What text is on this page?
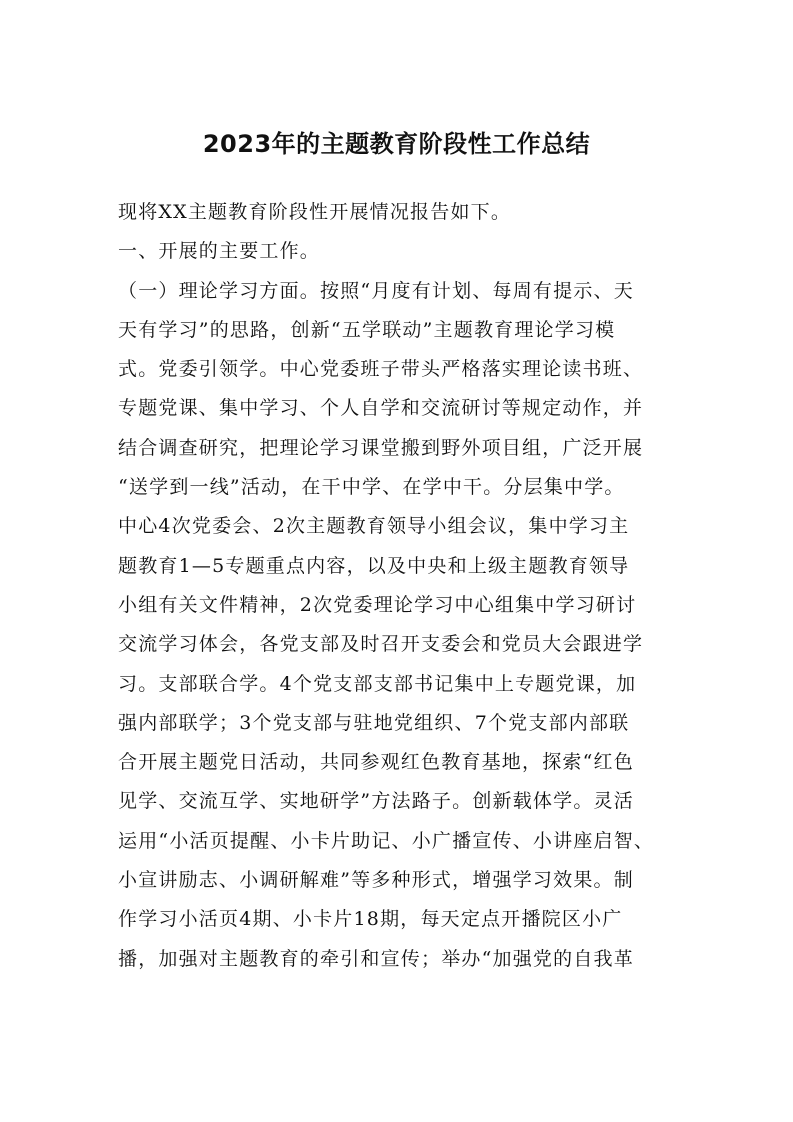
2023年的主题教育阶段性工作总结
现将XX主题教育阶段性开展情况报告如下。
一、开展的主要工作。
（一）理论学习方面。按照“月度有计划、每周有提示、天
天有学习”的思路，创新“五学联动”主题教育理论学习模
式。党委引领学。中心党委班子带头严格落实理论读书班、
专题党课、集中学习、个人自学和交流研讨等规定动作，并
结合调查研究，把理论学习课堂搬到野外项目组，广泛开展
“送学到一线”活动，在干中学、在学中干。分层集中学。
中心4次党委会、2次主题教育领导小组会议，集中学习主
题教育1—5专题重点内容，以及中央和上级主题教育领导
小组有关文件精神，2次党委理论学习中心组集中学习研讨
交流学习体会，各党支部及时召开支委会和党员大会跟进学
习。支部联合学。4个党支部支部书记集中上专题党课，加
强内部联学；3个党支部与驻地党组织、7个党支部内部联
合开展主题党日活动，共同参观红色教育基地，探索“红色
见学、交流互学、实地研学”方法路子。创新载体学。灵活
运用“小活页提醒、小卡片助记、小广播宣传、小讲座启智、
小宣讲励志、小调研解难”等多种形式，增强学习效果。制
作学习小活页4期、小卡片18期，每天定点开播院区小广
播，加强对主题教育的牵引和宣传；举办“加强党的自我革
